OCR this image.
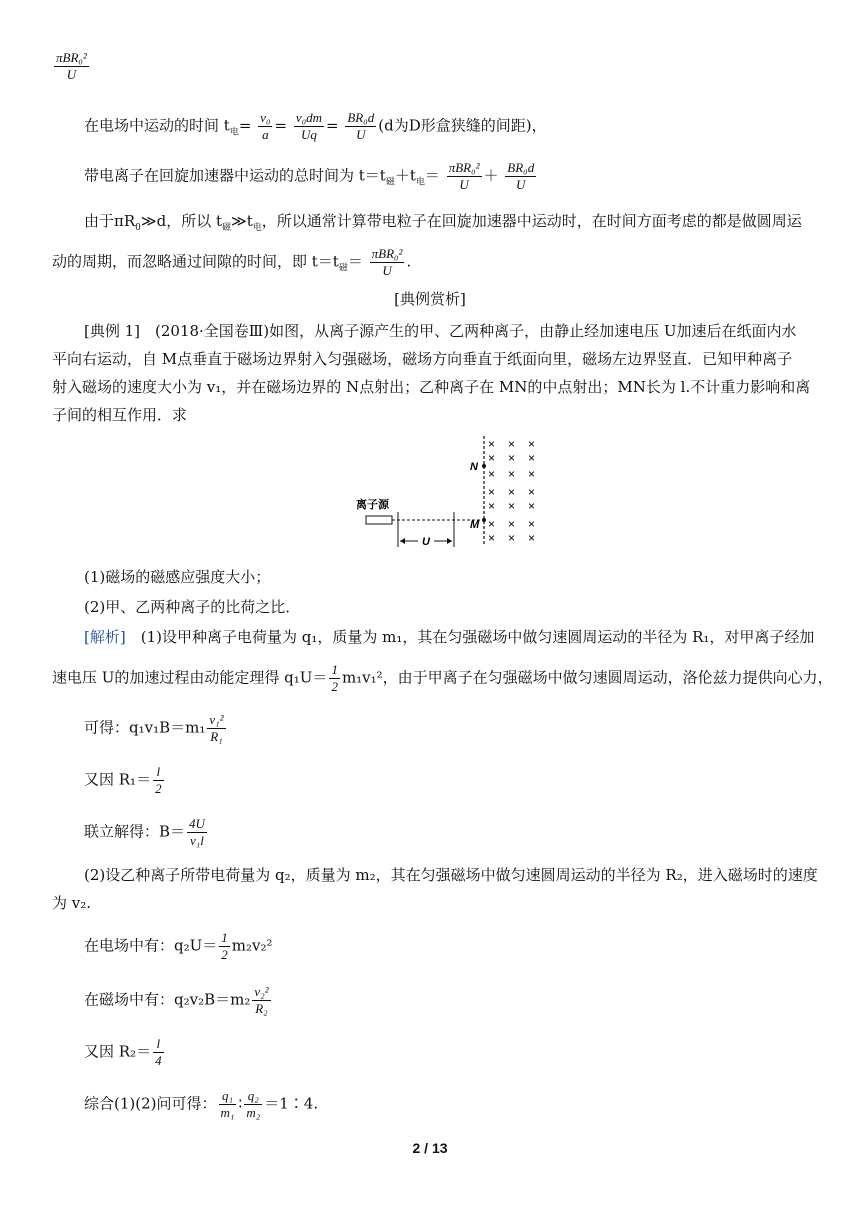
$\frac{\text{πBR₀²}}{U}$
在电场中运动的时间 $t_电= \frac{\text{v₀}}{a} = \frac{\text{v₀dm}}{Uq} = \frac{\text{BR₀d}}{U} (d$为D形盒狭缝的间距)，
带电离子在回旋加速器中运动的总时间为 $t=t_磁+t_电= \frac{\text{πBR₀²}}{U} + \frac{\text{BR₀d}}{U}$
由于$\pi R_0≫d$，所以 $t_磁≫t_电$，所以通常计算带电粒子在回旋加速器中运动时，在时间方面考虑的都是做圆周运
动的周期，而忽略通过间隙的时间，即 $t=t_磁= \frac{\text{πBR₀²}}{U}$ .
[典例赏析]
[典例 1]　(2018·全国卷Ⅲ)如图，从离子源产生的甲、乙两种离子，由静止经加速电压 U加速后在纸面内水
平向右运动，自 M点垂直于磁场边界射入匀强磁场，磁场方向垂直于纸面向里，磁场左边界竖直．已知甲种离子
射入磁场的速度大小为 v₁，并在磁场边界的 N点射出；乙种离子在 MN的中点射出；MN长为 l.不计重力影响和离
子间的相互作用．求
× × ×
× × ×
× × ×
× × ×
× × ×
× × ×
× × ×
N
M
离子源
U
(1)磁场的磁感应强度大小；
(2)甲、乙两种离子的比荷之比．
[解析]　(1)设甲种离子电荷量为 q₁，质量为 m₁，其在匀强磁场中做匀速圆周运动的半径为 R₁，对甲离子经加
速电压 U的加速过程由动能定理得 $q_1U= \frac{1}{2} m_1v_1^2$，由于甲离子在匀强磁场中做匀速圆周运动，洛伦兹力提供向心力，
可得：$q_1v_1B=m_1 \frac{\text{v₁²}}{\text{R₁}}$
又因 $R_1= \frac{l}{2}$
联立解得：$B= \frac{4U}{\text{v₁l}}$
(2)设乙种离子所带电荷量为 q₂，质量为 m₂，其在匀强磁场中做匀速圆周运动的半径为 R₂，进入磁场时的速度
为 v₂.
在电场中有：$q_2U= \frac{1}{2} m_2v_2^2$
在磁场中有：$q_2v_2B=m_2 \frac{\text{v₂²}}{\text{R₂}}$
又因 $R_2= \frac{l}{4}$
综合(1)(2)问可得： $\frac{\text{q₁}}{\text{m₁}}$ ∶ $\frac{\text{q₂}}{\text{m₂}}$ ＝1∶4.
2 / 13
